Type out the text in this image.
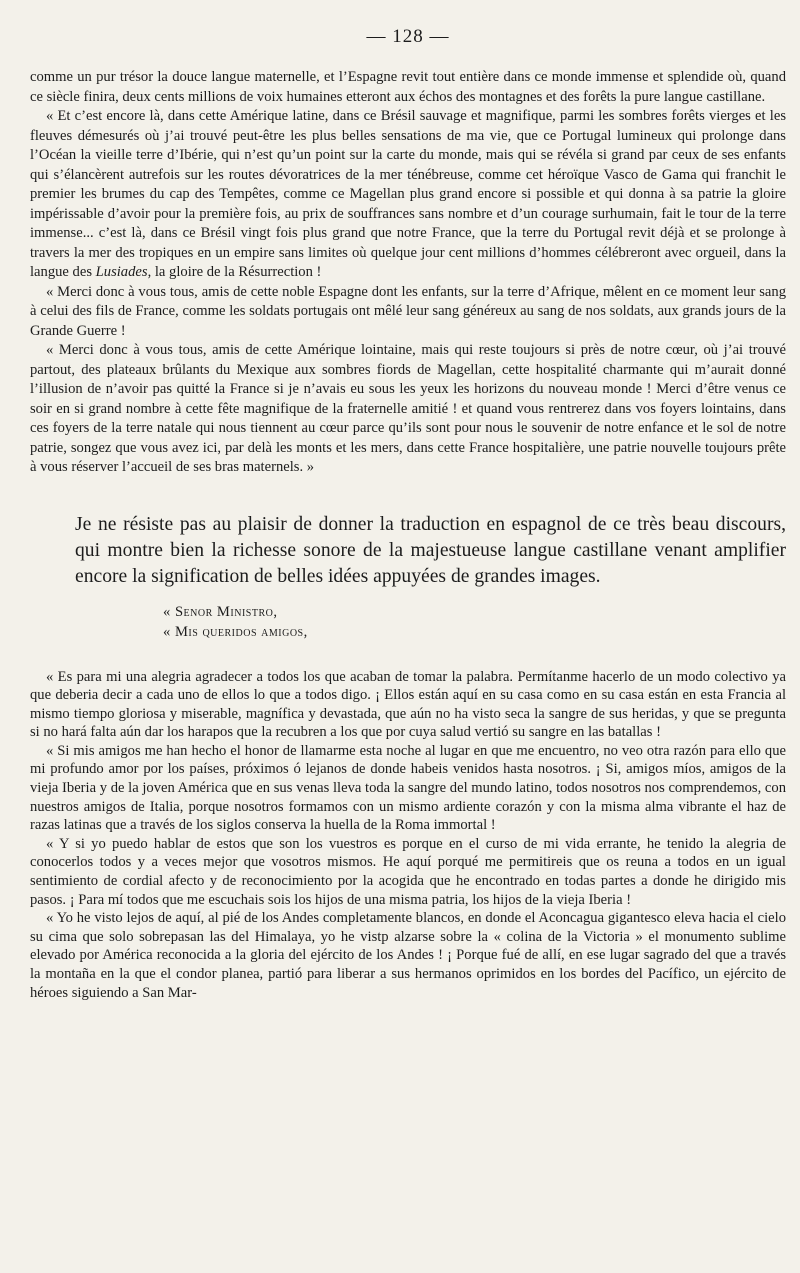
— 128 —

comme un pur trésor la douce langue maternelle, et l’Espagne revit tout entière dans ce monde immense et splendide où, quand ce siècle finira, deux cents millions de voix humaines etteront aux échos des montagnes et des forêts la pure langue castillane.

« Et c’est encore là, dans cette Amérique latine, dans ce Brésil sauvage et magnifique, parmi les sombres forêts vierges et les fleuves démesurés où j’ai trouvé peut-être les plus belles sensations de ma vie, que ce Portugal lumineux qui prolonge dans l’Océan la vieille terre d’Ibérie, qui n’est qu’un point sur la carte du monde, mais qui se révéla si grand par ceux de ses enfants qui s’élancèrent autrefois sur les routes dévoratrices de la mer ténébreuse, comme cet héroïque Vasco de Gama qui franchit le premier les brumes du cap des Tempêtes, comme ce Magellan plus grand encore si possible et qui donna à sa patrie la gloire impérissable d’avoir pour la première fois, au prix de souffrances sans nombre et d’un courage surhumain, fait le tour de la terre immense... c’est là, dans ce Brésil vingt fois plus grand que notre France, que la terre du Portugal revit déjà et se prolonge à travers la mer des tropiques en un empire sans limites où quelque jour cent millions d’hommes célébreront avec orgueil, dans la langue des Lusiades, la gloire de la Résurrection !

« Merci donc à vous tous, amis de cette noble Espagne dont les enfants, sur la terre d’Afrique, mêlent en ce moment leur sang à celui des fils de France, comme les soldats portugais ont mêlé leur sang généreux au sang de nos soldats, aux grands jours de la Grande Guerre !

« Merci donc à vous tous, amis de cette Amérique lointaine, mais qui reste toujours si près de notre cœur, où j’ai trouvé partout, des plateaux brûlants du Mexique aux sombres fiords de Magellan, cette hospitalité charmante qui m’aurait donné l’illusion de n’avoir pas quitté la France si je n’avais eu sous les yeux les horizons du nouveau monde ! Merci d’être venus ce soir en si grand nombre à cette fête magnifique de la fraternelle amitié ! et quand vous rentrerez dans vos foyers lointains, dans ces foyers de la terre natale qui nous tiennent au cœur parce qu’ils sont pour nous le souvenir de notre enfance et le sol de notre patrie, songez que vous avez ici, par delà les monts et les mers, dans cette France hospitalière, une patrie nouvelle toujours prête à vous réserver l’accueil de ses bras maternels. »

Je ne résiste pas au plaisir de donner la traduction en espagnol de ce très beau discours, qui montre bien la richesse sonore de la majestueuse langue castillane venant amplifier encore la signification de belles idées appuyées de grandes images.
« Senor Ministro,
« Mis queridos amigos,

« Es para mi una alegria agradecer a todos los que acaban de tomar la palabra. Permítanme hacerlo de un modo colectivo ya que deberia decir a cada uno de ellos lo que a todos digo. ¡ Ellos están aquí en su casa como en su casa están en esta Francia al mismo tiempo gloriosa y miserable, magnífica y devastada, que aún no ha visto seca la sangre de sus heridas, y que se pregunta si no hará falta aún dar los harapos que la recubren a los que por cuya salud vertió su sangre en las batallas !

« Si mis amigos me han hecho el honor de llamarme esta noche al lugar en que me encuentro, no veo otra razón para ello que mi profundo amor por los países, próximos ó lejanos de donde habeis venidos hasta nosotros. ¡ Si, amigos míos, amigos de la vieja Iberia y de la joven América que en sus venas lleva toda la sangre del mundo latino, todos nosotros nos comprendemos, con nuestros amigos de Italia, porque nosotros formamos con un mismo ardiente corazón y con la misma alma vibrante el haz de razas latinas que a través de los siglos conserva la huella de la Roma immortal !

« Y si yo puedo hablar de estos que son los vuestros es porque en el curso de mi vida errante, he tenido la alegria de conocerlos todos y a veces mejor que vosotros mismos. He aquí porqué me permitireis que os reuna a todos en un igual sentimiento de cordial afecto y de reconocimiento por la acogida que he encontrado en todas partes a donde he dirigido mis pasos. ¡ Para mí todos que me escuchais sois los hijos de una misma patria, los hijos de la vieja Iberia !

« Yo he visto lejos de aquí, al pié de los Andes completamente blancos, en donde el Aconcagua gigantesco eleva hacia el cielo su cima que solo sobrepasan las del Himalaya, yo he vistp alzarse sobre la « colina de la Victoria » el monumento sublime elevado por América reconocida a la gloria del ejército de los Andes ! ¡ Porque fué de allí, en ese lugar sagrado del que a través la montaña en la que el condor planea, partió para liberar a sus hermanos oprimidos en los bordes del Pacífico, un ejército de héroes siguiendo a San Mar-
